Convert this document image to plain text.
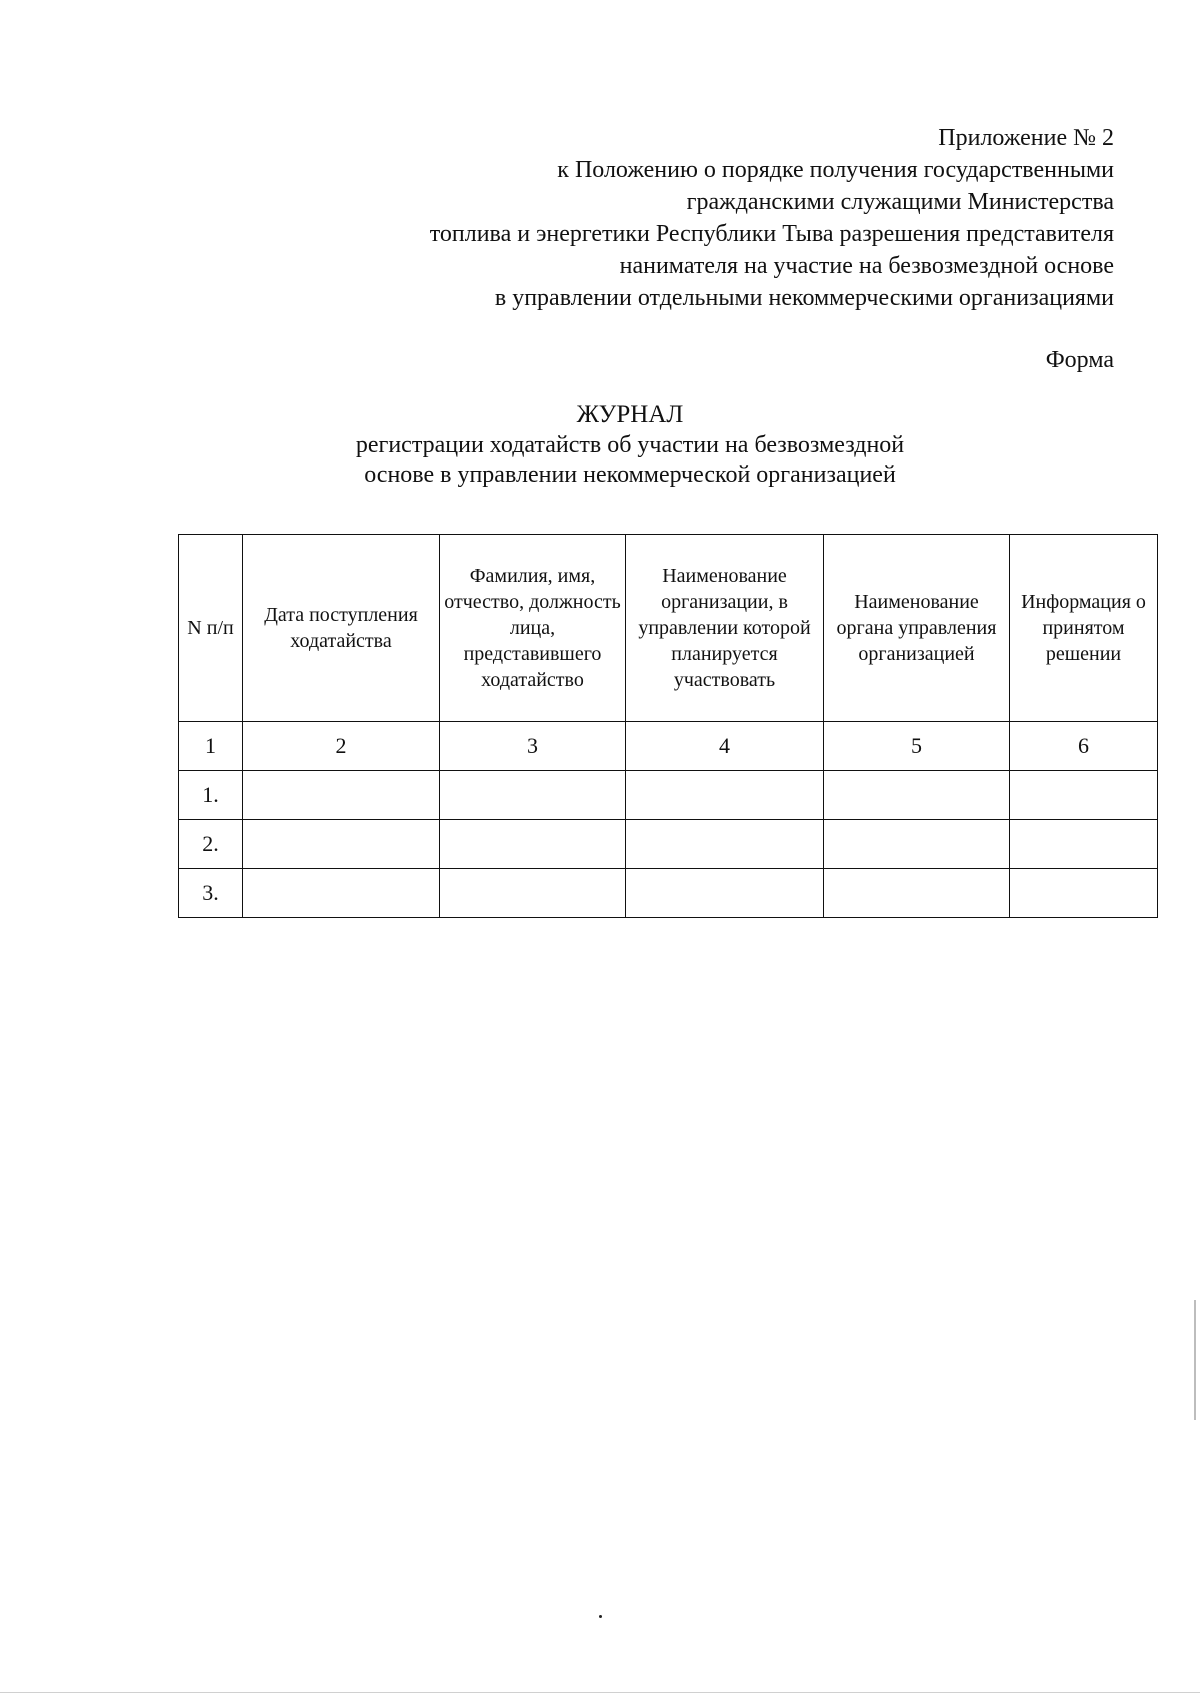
Приложение № 2
к Положению о порядке получения государственными
гражданскими служащими Министерства
топлива и энергетики Республики Тыва разрешения представителя
нанимателя на участие на безвозмездной основе
в управлении отдельными некоммерческими организациями
Форма
ЖУРНАЛ
регистрации ходатайств об участии на безвозмездной
основе в управлении некоммерческой организацией
N п/п	Дата поступления ходатайства	Фамилия, имя, отчество, должность лица, представившего ходатайство	Наименование организации, в управлении которой планируется участвовать	Наименование органа управления организацией	Информация о принятом решении
1	2	3	4	5	6
1.					
2.					
3.					
